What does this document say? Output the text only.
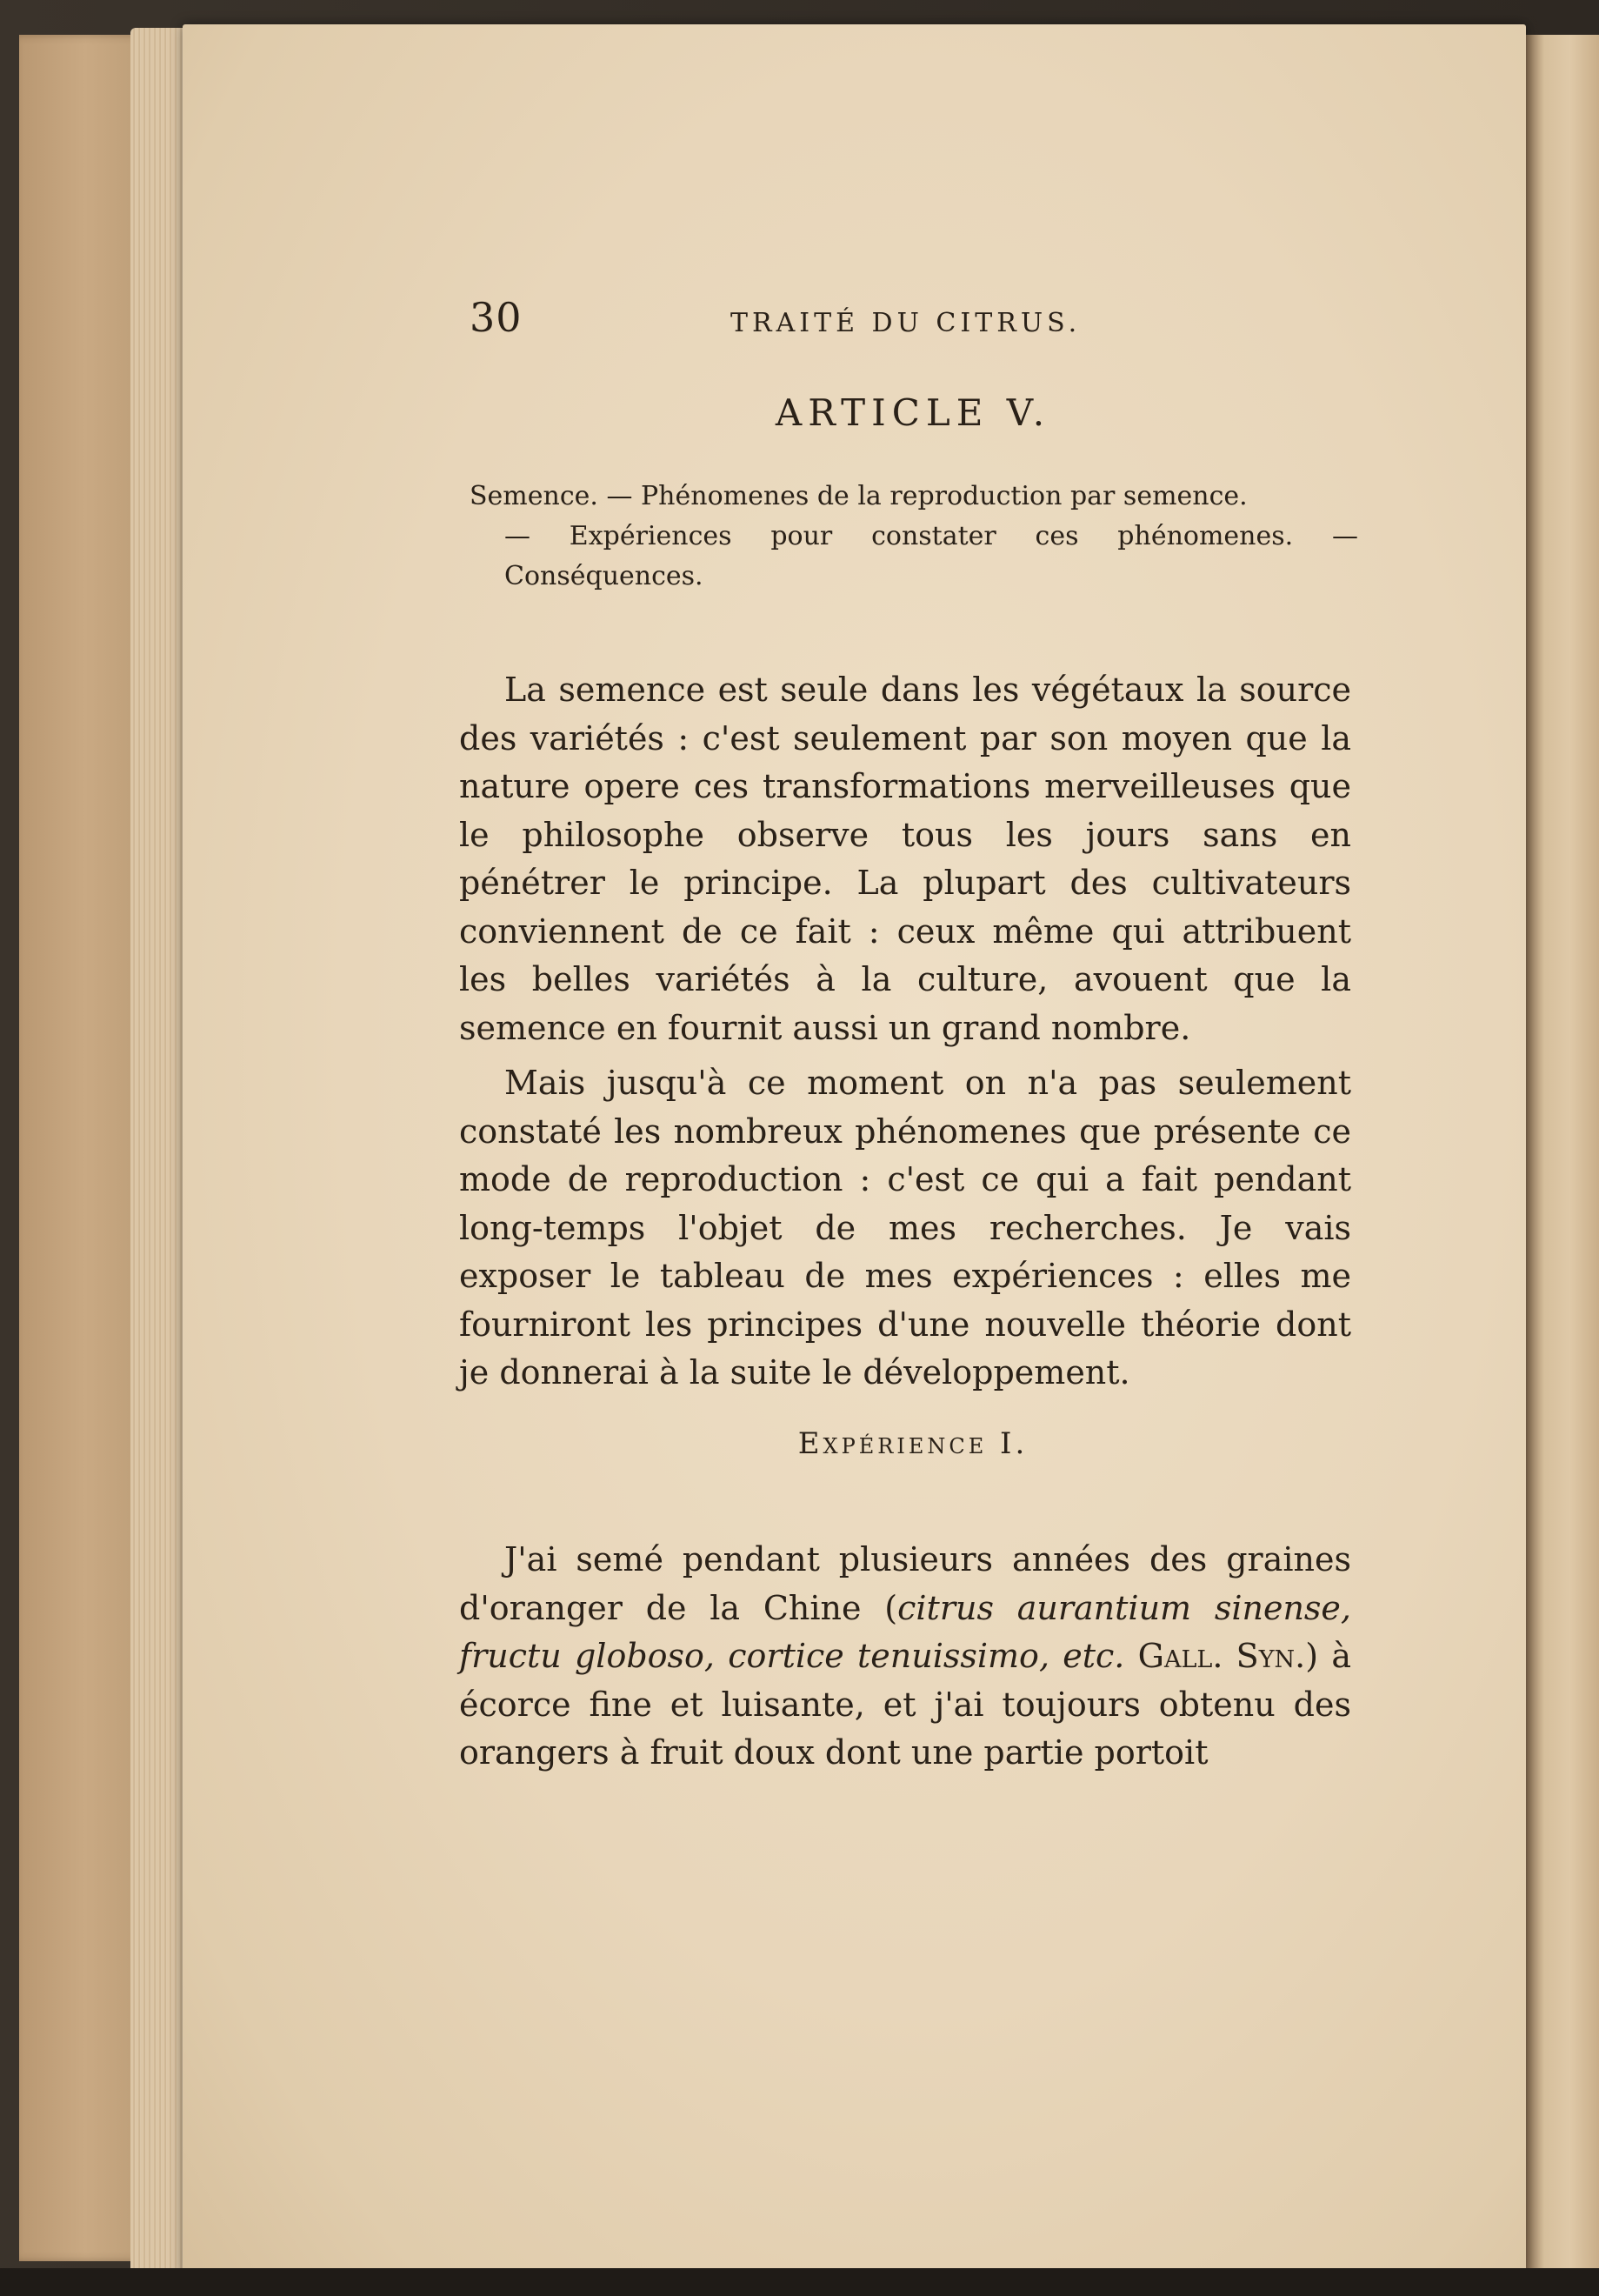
30	TRAITÉ DU CITRUS.
ARTICLE V.
Semence. — Phénomenes de la reproduction par semence.
— Expériences pour constater ces phénomenes. — Conséquences.

La semence est seule dans les végétaux la source des variétés : c'est seulement par son moyen que la nature opere ces transformations merveilleuses que le philosophe observe tous les jours sans en pénétrer le principe. La plupart des cultivateurs conviennent de ce fait : ceux même qui attribuent les belles variétés à la culture, avouent que la semence en fournit aussi un grand nombre.

Mais jusqu'à ce moment on n'a pas seulement constaté les nombreux phénomenes que présente ce mode de reproduction : c'est ce qui a fait pendant long-temps l'objet de mes recherches. Je vais exposer le tableau de mes expériences : elles me fourniront les principes d'une nouvelle théorie dont je donnerai à la suite le développement.

Expérience I.

J'ai semé pendant plusieurs années des graines d'oranger de la Chine (citrus aurantium sinense, fructu globoso, cortice tenuissimo, etc. Gall. Syn.) à écorce fine et luisante, et j'ai toujours obtenu des orangers à fruit doux dont une partie portoit
